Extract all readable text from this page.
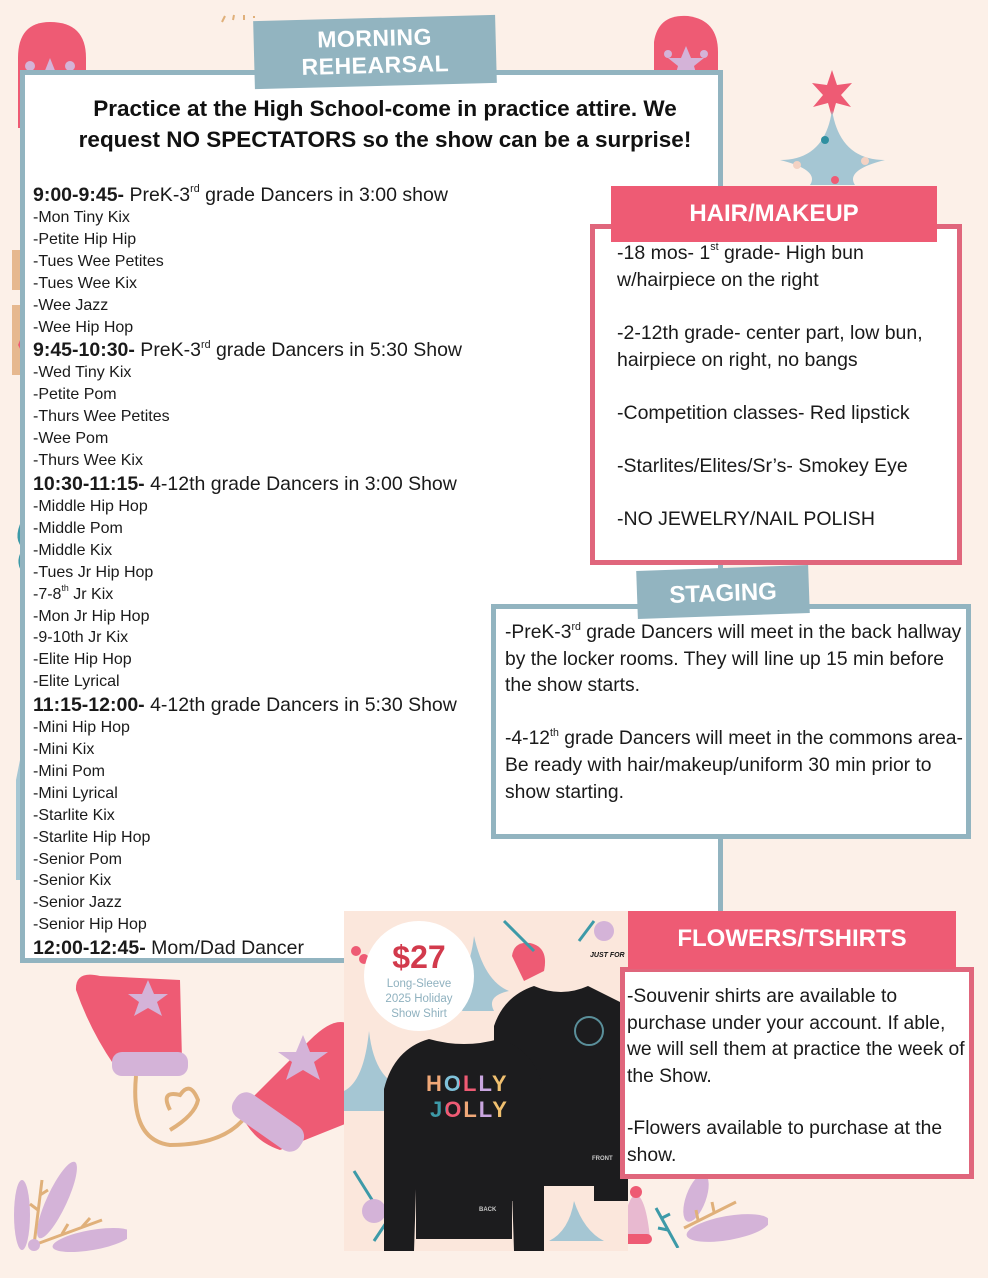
MORNING
REHEARSAL
Practice at the High School-come in practice attire. We
request NO SPECTATORS so the show can be a surprise!
9:00-9:45- PreK-3rd grade Dancers in 3:00 show
-Mon Tiny Kix
-Petite Hip Hip
-Tues Wee Petites
-Tues Wee Kix
-Wee Jazz
-Wee Hip Hop
9:45-10:30- PreK-3rd grade Dancers in 5:30 Show
-Wed Tiny Kix
-Petite Pom
-Thurs Wee Petites
-Wee Pom
-Thurs Wee Kix
10:30-11:15- 4-12th grade Dancers in 3:00 Show
-Middle Hip Hop
-Middle Pom
-Middle Kix
-Tues Jr Hip Hop
-7-8th Jr Kix
-Mon Jr Hip Hop
-9-10th Jr Kix
-Elite Hip Hop
-Elite Lyrical
11:15-12:00- 4-12th grade Dancers in 5:30 Show
-Mini Hip Hop
-Mini Kix
-Mini Pom
-Mini Lyrical
-Starlite Kix
-Starlite Hip Hop
-Senior Pom
-Senior Kix
-Senior Jazz
-Senior Hip Hop
12:00-12:45- Mom/Dad Dancer
HAIR/MAKEUP

-18 mos- 1st grade- High bun w/hairpiece on the right

-2-12th grade- center part, low bun, hairpiece on right, no bangs

-Competition classes- Red lipstick

-Starlites/Elites/Sr’s- Smokey Eye

-NO JEWELRY/NAIL POLISH

STAGING

-PreK-3rd grade Dancers will meet in the back hallway by the locker rooms. They will line up 15 min before the show starts.

-4-12th grade Dancers will meet in the commons area- Be ready with hair/makeup/uniform 30 min prior to show starting.

$27
Long-Sleeve
2025 Holiday
Show Shirt
JUST FOR
FRONT
HOLLY
JOLLY
BACK
FLOWERS/TSHIRTS

-Souvenir shirts are available to purchase under your account. If able, we will sell them at practice the week of the Show.

-Flowers available to purchase at the show.
